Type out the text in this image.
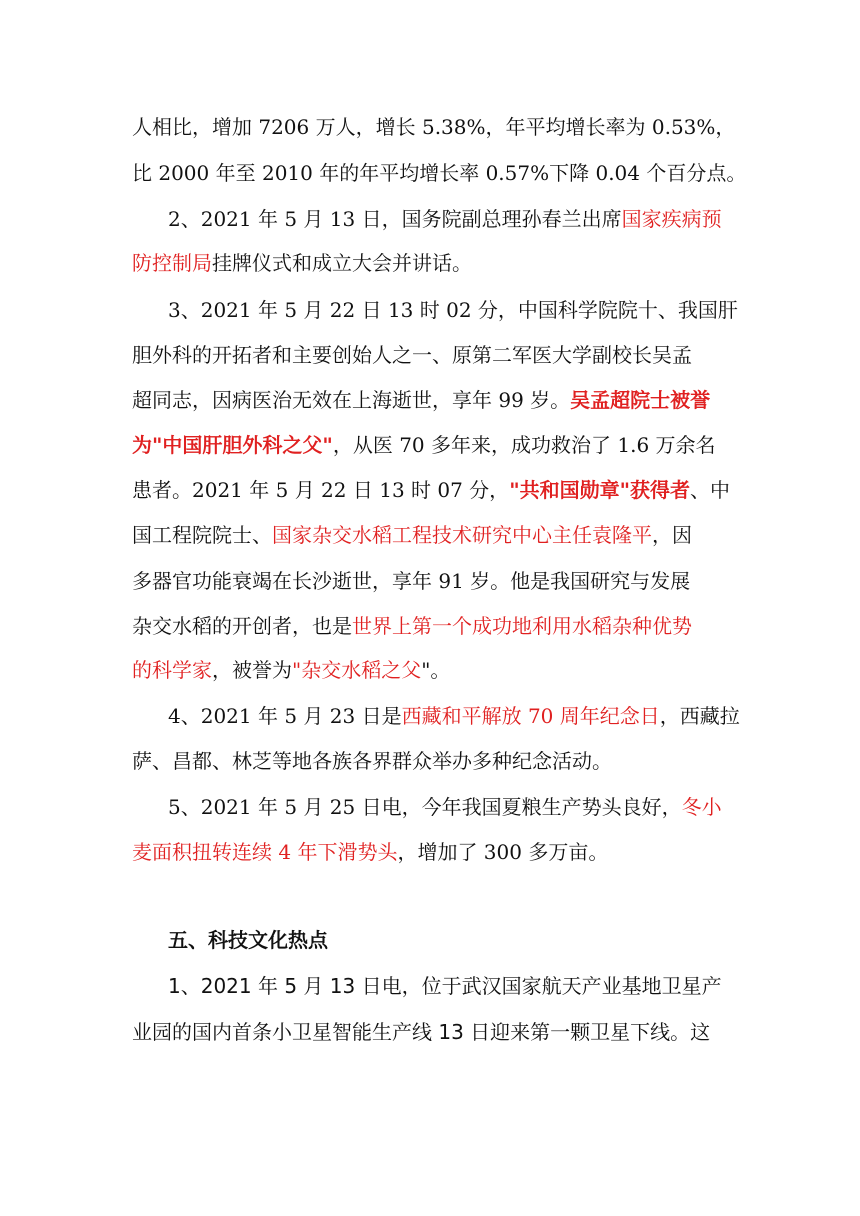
人相比，增加 7206 万人，增长 5.38%，年平均增长率为 0.53%，
比 2000 年至 2010 年的年平均增长率 0.57%下降 0.04 个百分点。
2、2021 年 5 月 13 日，国务院副总理孙春兰出席国家疾病预
防控制局挂牌仪式和成立大会并讲话。
3、2021 年 5 月 22 日 13 时 02 分，中国科学院院十、我国肝
胆外科的开拓者和主要创始人之一、原第二军医大学副校长吴孟
超同志，因病医治无效在上海逝世，享年 99 岁。吴孟超院士被誉
为"中国肝胆外科之父"，从医 70 多年来，成功救治了 1.6 万余名
患者。2021 年 5 月 22 日 13 时 07 分，"共和国勋章"获得者、中
国工程院院士、国家杂交水稻工程技术研究中心主任袁隆平，因
多器官功能衰竭在长沙逝世，享年 91 岁。他是我国研究与发展
杂交水稻的开创者，也是世界上第一个成功地利用水稻杂种优势
的科学家，被誉为"杂交水稻之父"。
4、2021 年 5 月 23 日是西藏和平解放 70 周年纪念日，西藏拉
萨、昌都、林芝等地各族各界群众举办多种纪念活动。
5、2021 年 5 月 25 日电，今年我国夏粮生产势头良好，冬小
麦面积扭转连续 4 年下滑势头，增加了 300 多万亩。
五、科技文化热点
1、2021 年 5 月 13 日电，位于武汉国家航天产业基地卫星产
业园的国内首条小卫星智能生产线 13 日迎来第一颗卫星下线。这
